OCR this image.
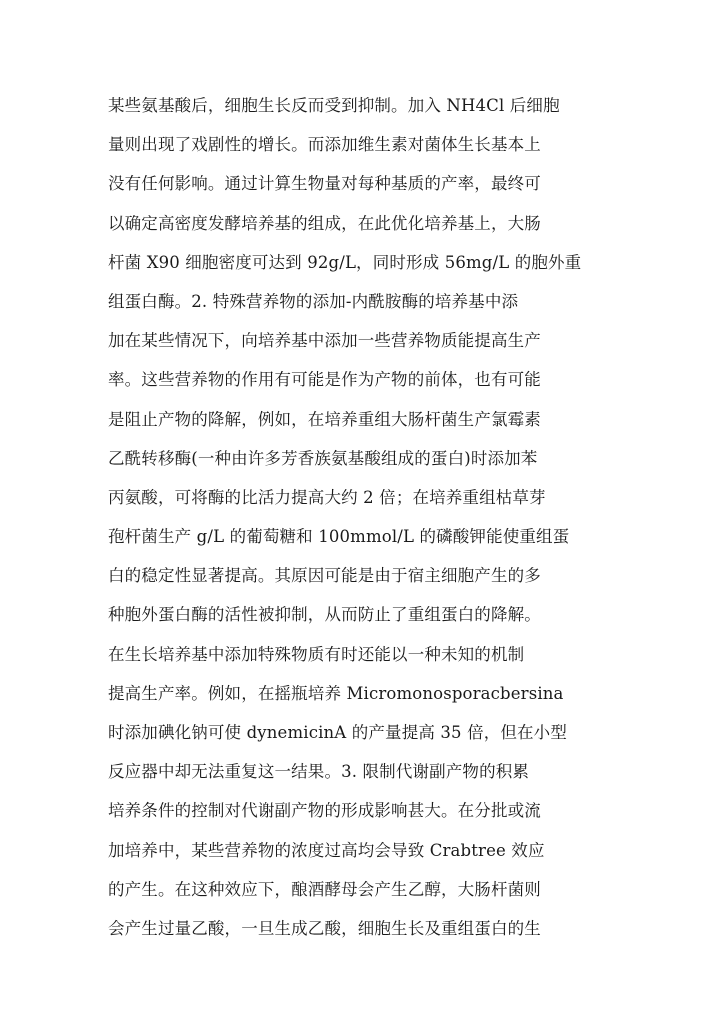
某些氨基酸后，细胞生长反而受到抑制。加入 NH4Cl 后细胞
量则出现了戏剧性的增长。而添加维生素对菌体生长基本上
没有任何影响。通过计算生物量对每种基质的产率，最终可
以确定高密度发酵培养基的组成，在此优化培养基上，大肠
杆菌 X90 细胞密度可达到 92g/L，同时形成 56mg/L 的胞外重
组蛋白酶。2. 特殊营养物的添加-内酰胺酶的培养基中添
加在某些情况下，向培养基中添加一些营养物质能提高生产
率。这些营养物的作用有可能是作为产物的前体，也有可能
是阻止产物的降解，例如，在培养重组大肠杆菌生产氯霉素
乙酰转移酶(一种由许多芳香族氨基酸组成的蛋白)时添加苯
丙氨酸，可将酶的比活力提高大约 2 倍；在培养重组枯草芽
孢杆菌生产 g/L 的葡萄糖和 100mmol/L 的磷酸钾能使重组蛋
白的稳定性显著提高。其原因可能是由于宿主细胞产生的多
种胞外蛋白酶的活性被抑制，从而防止了重组蛋白的降解。
在生长培养基中添加特殊物质有时还能以一种未知的机制
提高生产率。例如，在摇瓶培养 Micromonosporacbersina
时添加碘化钠可使 dynemicinA 的产量提高 35 倍，但在小型
反应器中却无法重复这一结果。3. 限制代谢副产物的积累
培养条件的控制对代谢副产物的形成影响甚大。在分批或流
加培养中，某些营养物的浓度过高均会导致 Crabtree 效应
的产生。在这种效应下，酿酒酵母会产生乙醇，大肠杆菌则
会产生过量乙酸，一旦生成乙酸，细胞生长及重组蛋白的生
